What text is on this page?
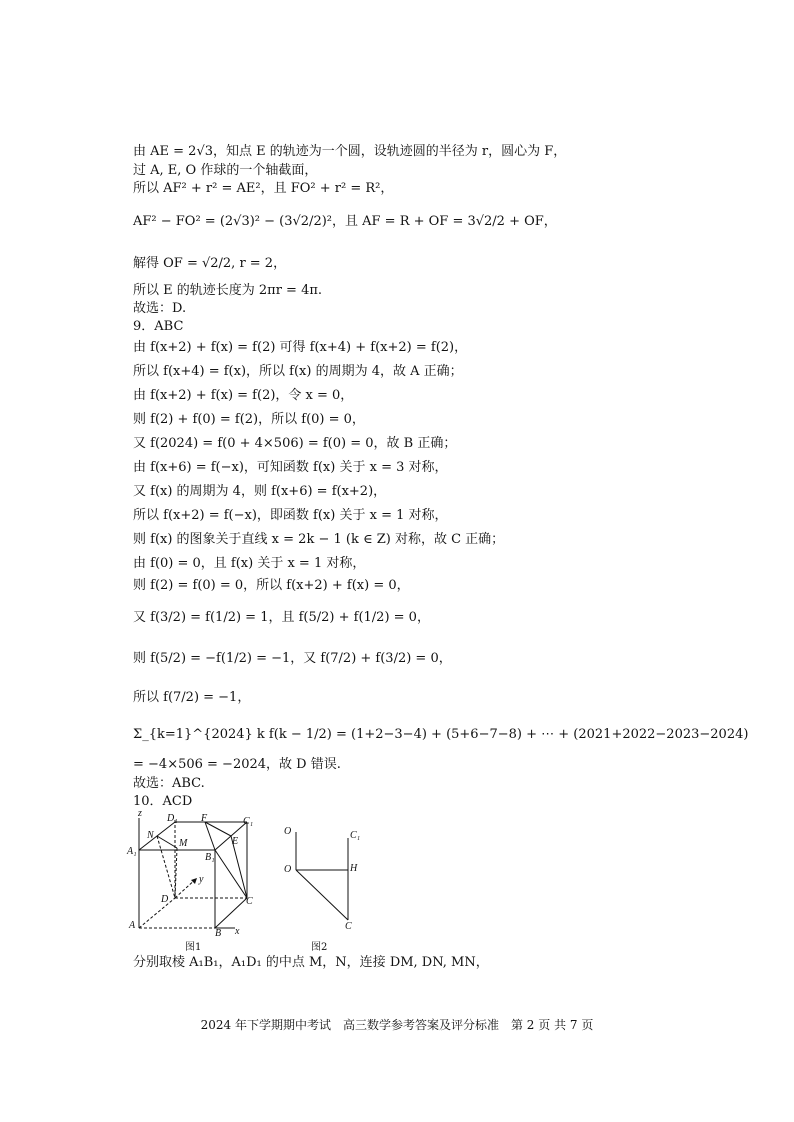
由 AE = 2√3，知点 E 的轨迹为一个圆，设轨迹圆的半径为 r，圆心为 F，
过 A, E, O 作球的一个轴截面，
所以 AF² + r² = AE²，且 FO² + r² = R²，
AF² − FO² = (2√3)² − (3√2/2)²，且 AF = R + OF = 3√2/2 + OF，
解得 OF = √2/2, r = 2，
所以 E 的轨迹长度为 2πr = 4π.
故选：D.
9．ABC
由 f(x+2) + f(x) = f(2) 可得 f(x+4) + f(x+2) = f(2)，
所以 f(x+4) = f(x)，所以 f(x) 的周期为 4，故 A 正确；
由 f(x+2) + f(x) = f(2)，令 x = 0，
则 f(2) + f(0) = f(2)，所以 f(0) = 0，
又 f(2024) = f(0 + 4×506) = f(0) = 0，故 B 正确；
由 f(x+6) = f(−x)，可知函数 f(x) 关于 x = 3 对称，
又 f(x) 的周期为 4，则 f(x+6) = f(x+2)，
所以 f(x+2) = f(−x)，即函数 f(x) 关于 x = 1 对称，
则 f(x) 的图象关于直线 x = 2k − 1 (k ∈ Z) 对称，故 C 正确；
由 f(0) = 0，且 f(x) 关于 x = 1 对称，
则 f(2) = f(0) = 0，所以 f(x+2) + f(x) = 0，
又 f(3/2) = f(1/2) = 1，且 f(5/2) + f(1/2) = 0，
则 f(5/2) = −f(1/2) = −1，又 f(7/2) + f(3/2) = 0，
所以 f(7/2) = −1，
Σ_{k=1}^{2024} k f(k − 1/2) = (1+2−3−4) + (5+6−7−8) + ⋯ + (2021+2022−2023−2024)
= −4×506 = −2024，故 D 错误.
故选：ABC.
10．ACD
z	D₁ F	C₁
N
M	E
A₁
B₁
y
D	C
A
B x
图1
O	C₁
O	H
C
图2
分别取棱 A₁B₁，A₁D₁ 的中点 M，N，连接 DM, DN, MN，
2024 年下学期期中考试　高三数学参考答案及评分标准　第 2 页 共 7 页
